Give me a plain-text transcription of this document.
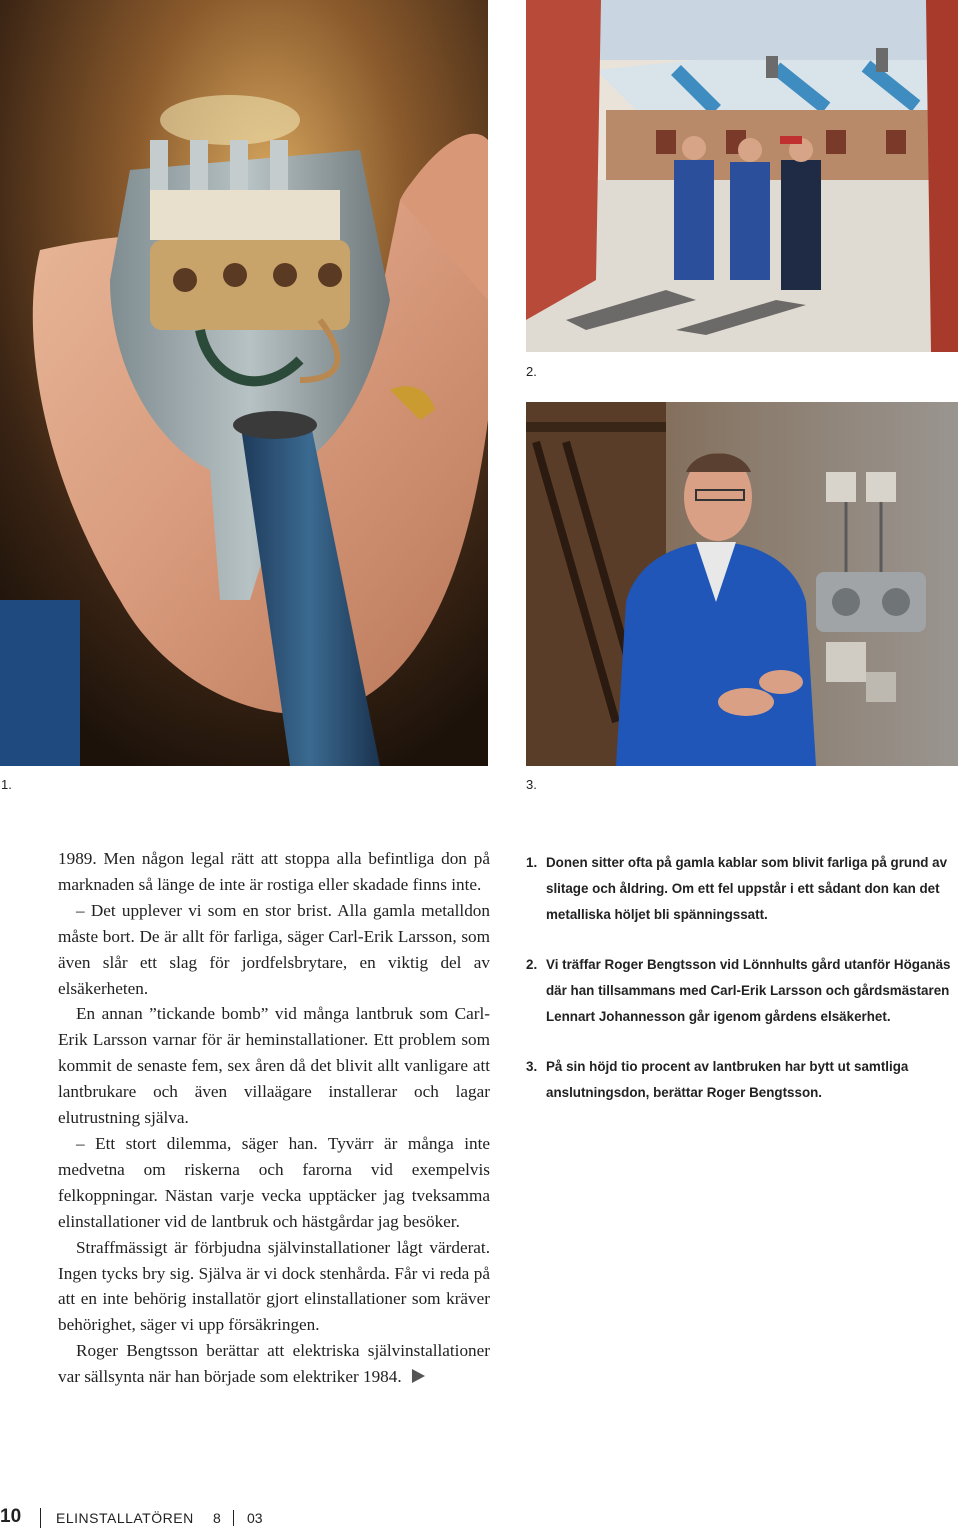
1.
2.
3.

1989. Men någon legal rätt att stoppa alla befintliga don på marknaden så länge de inte är rostiga eller skadade finns inte.

– Det upplever vi som en stor brist. Alla gamla metalldon måste bort. De är allt för farliga, säger Carl-Erik Larsson, som även slår ett slag för jordfelsbrytare, en viktig del av elsäkerheten.

En annan ”tickande bomb” vid många lantbruk som Carl-Erik Larsson varnar för är heminstallationer. Ett problem som kommit de senaste fem, sex åren då det blivit allt vanligare att lantbrukare och även villaägare installerar och lagar elutrustning själva.

– Ett stort dilemma, säger han. Tyvärr är många inte medvetna om riskerna och farorna vid exempelvis felkoppningar. Nästan varje vecka upptäcker jag tveksamma elinstallationer vid de lantbruk och hästgårdar jag besöker.

Straffmässigt är förbjudna självinstallationer lågt värderat. Ingen tycks bry sig. Själva är vi dock stenhårda. Får vi reda på att en inte behörig installatör gjort elinstallationer som kräver behörighet, säger vi upp försäkringen.

Roger Bengtsson berättar att elektriska självinstallationer var sällsynta när han började som elektriker 1984.

1. Donen sitter ofta på gamla kablar som blivit farliga på grund av slitage och åldring. Om ett fel uppstår i ett sådant don kan det metalliska höljet bli spänningssatt.
2. Vi träffar Roger Bengtsson vid Lönnhults gård utanför Höganäs där han tillsammans med Carl-Erik Larsson och gårdsmästaren Lennart Johannesson går igenom gårdens elsäkerhet.
3. På sin höjd tio procent av lantbruken har bytt ut samtliga anslutningsdon, berättar Roger Bengtsson.
10 ELINSTALLATÖREN 8 03
